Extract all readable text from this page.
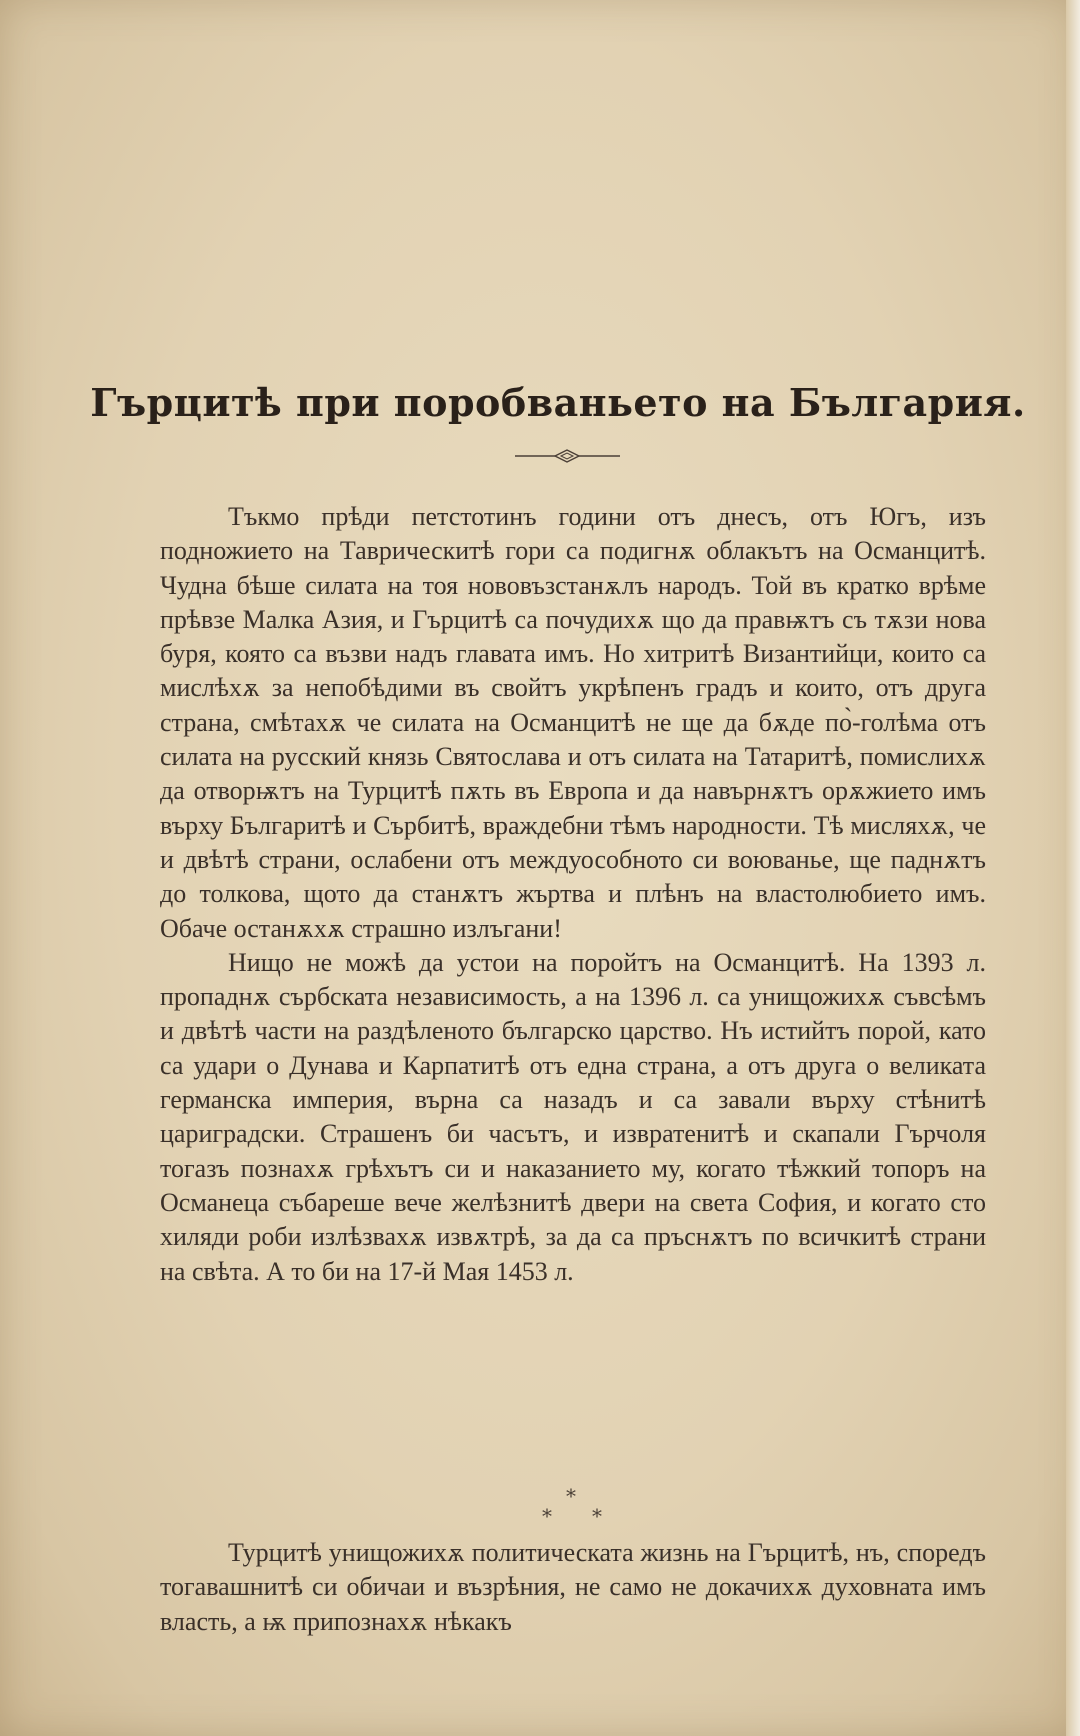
Гърцитѣ при поробваньето на България.

Тъкмо прѣди петстотинъ години отъ днесъ, отъ Югъ, изъ подножието на Таврическитѣ гори са подигнѫ облакътъ на Османцитѣ. Чудна бѣше силата на тоя нововъзстанѫлъ народъ. Той въ кратко врѣме прѣвзе Малка Азия, и Гърцитѣ са почудихѫ що да правѭтъ съ тѫзи нова буря, която са възви надъ главата имъ. Но хитритѣ Византийци, които са мислѣхѫ за непобѣдими въ свойтъ укрѣпенъ градъ и които, отъ друга страна, смѣтахѫ че силата на Османцитѣ не ще да бѫде по̀-голѣма отъ силата на русский князь Святослава и отъ силата на Татаритѣ, помислихѫ да отворѭтъ на Турцитѣ пѫть въ Европа и да навърнѫтъ орѫжието имъ върху Българитѣ и Сърбитѣ, враждебни тѣмъ народности. Тѣ мисляхѫ, че и двѣтѣ страни, ослабени отъ междуособното си воюванье, ще паднѫтъ до толкова, щото да станѫтъ жъртва и плѣнъ на властолюбието имъ. Обаче останѫхѫ страшно излъгани!

Нищо не можѣ да устои на поройтъ на Османцитѣ. На 1393 л. пропаднѫ сърбската независимость, а на 1396 л. са унищожихѫ съвсѣмъ и двѣтѣ части на раздѣленото българско царство. Нъ истийтъ порой, като са удари о Дунава и Карпатитѣ отъ една страна, а отъ друга о великата германска империя, върна са назадъ и са завали върху стѣнитѣ цариградски. Страшенъ би часътъ, и извратенитѣ и скапали Гърчоля тогазъ познахѫ грѣхътъ си и наказанието му, когато тѣжкий топоръ на Османеца събареше вече желѣзнитѣ двери на света София, и когато сто хиляди роби излѣзвахѫ извѫтрѣ, за да са пръснѫтъ по всичкитѣ страни на свѣта. А то би на 17-й Мая 1453 л.

*
* *

Турцитѣ унищожихѫ политическата жизнь на Гърцитѣ, нъ, споредъ тогавашнитѣ си обичаи и възрѣния, не само не докачихѫ духовната имъ власть, а ѭ припознахѫ нѣкакъ
